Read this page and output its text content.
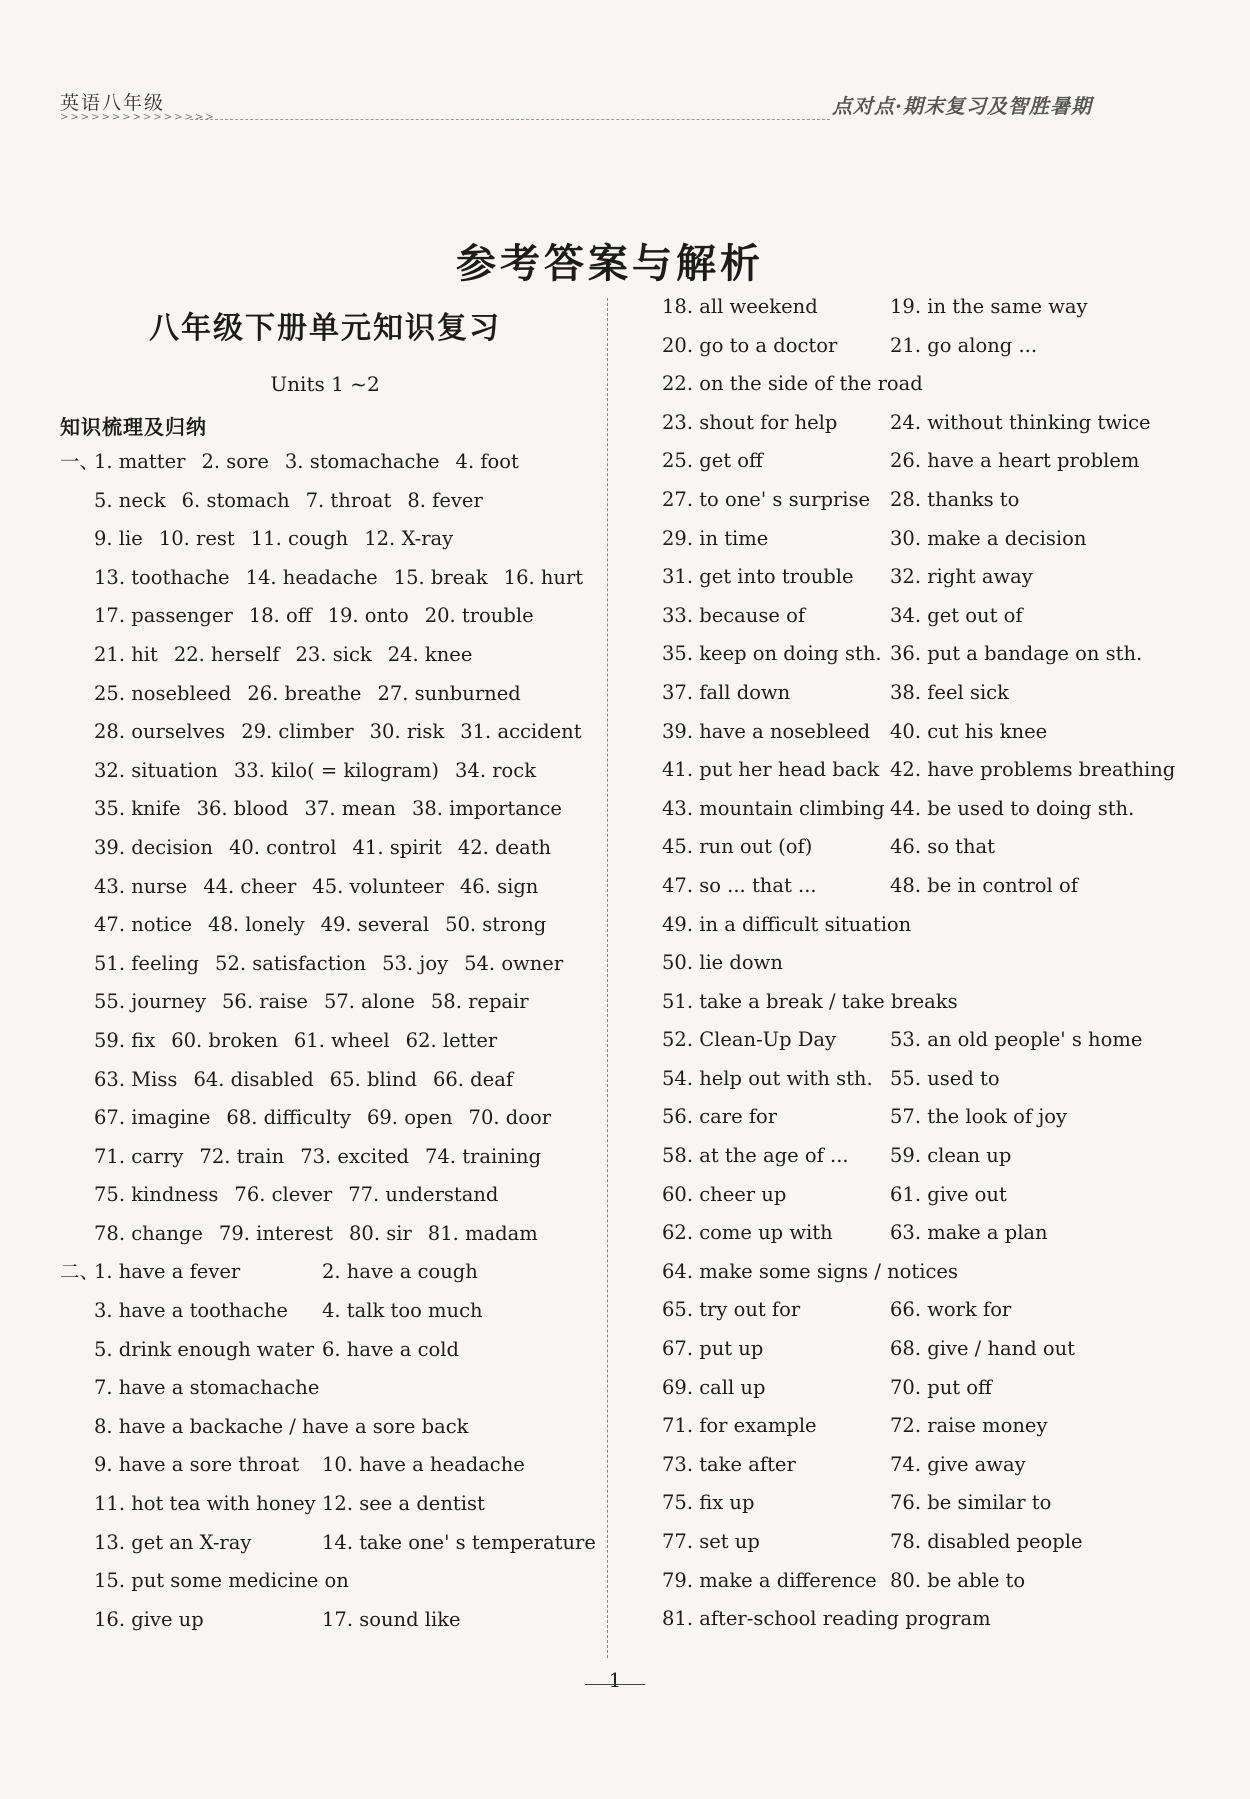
英语八年级
>>>>>>>>>>>>>>>	点对点·期末复习及智胜暑期
参考答案与解析
八年级下册单元知识复习
Units 1 ~2
知识梳理及归纳
一、
1. matter 2. sore 3. stomachache 4. foot
5. neck 6. stomach 7. throat 8. fever
9. lie 10. rest 11. cough 12. X-ray
13. toothache 14. headache 15. break 16. hurt
17. passenger 18. off 19. onto 20. trouble
21. hit 22. herself 23. sick 24. knee
25. nosebleed 26. breathe 27. sunburned
28. ourselves 29. climber 30. risk 31. accident
32. situation 33. kilo( = kilogram) 34. rock
35. knife 36. blood 37. mean 38. importance
39. decision 40. control 41. spirit 42. death
43. nurse 44. cheer 45. volunteer 46. sign
47. notice 48. lonely 49. several 50. strong
51. feeling 52. satisfaction 53. joy 54. owner
55. journey 56. raise 57. alone 58. repair
59. fix 60. broken 61. wheel 62. letter
63. Miss 64. disabled 65. blind 66. deaf
67. imagine 68. difficulty 69. open 70. door
71. carry 72. train 73. excited 74. training
75. kindness 76. clever 77. understand
78. change 79. interest 80. sir 81. madam
二、
1. have a fever	2. have a cough
3. have a toothache 4. talk too much
5. drink enough water 6. have a cold
7. have a stomachache
8. have a backache / have a sore back
9. have a sore throat 10. have a headache
11. hot tea with honey 12. see a dentist
13. get an X-ray	14. take one' s temperature
15. put some medicine on
16. give up	17. sound like
18. all weekend	19. in the same way
20. go to a doctor	21. go along ...
22. on the side of the road
23. shout for help	24. without thinking twice
25. get off	26. have a heart problem
27. to one' s surprise 28. thanks to
29. in time	30. make a decision
31. get into trouble 32. right away
33. because of	34. get out of
35. keep on doing sth. 36. put a bandage on sth.
37. fall down	38. feel sick
39. have a nosebleed 40. cut his knee
41. put her head back 42. have problems breathing
43. mountain climbing 44. be used to doing sth.
45. run out (of)	46. so that
47. so ... that ...	48. be in control of
49. in a difficult situation
50. lie down
51. take a break / take breaks
52. Clean-Up Day	53. an old people' s home
54. help out with sth. 55. used to
56. care for	57. the look of joy
58. at the age of ... 59. clean up
60. cheer up	61. give out
62. come up with	63. make a plan
64. make some signs / notices
65. try out for	66. work for
67. put up	68. give / hand out
69. call up	70. put off
71. for example	72. raise money
73. take after	74. give away
75. fix up	76. be similar to
77. set up	78. disabled people
79. make a difference 80. be able to
81. after-school reading program
1
